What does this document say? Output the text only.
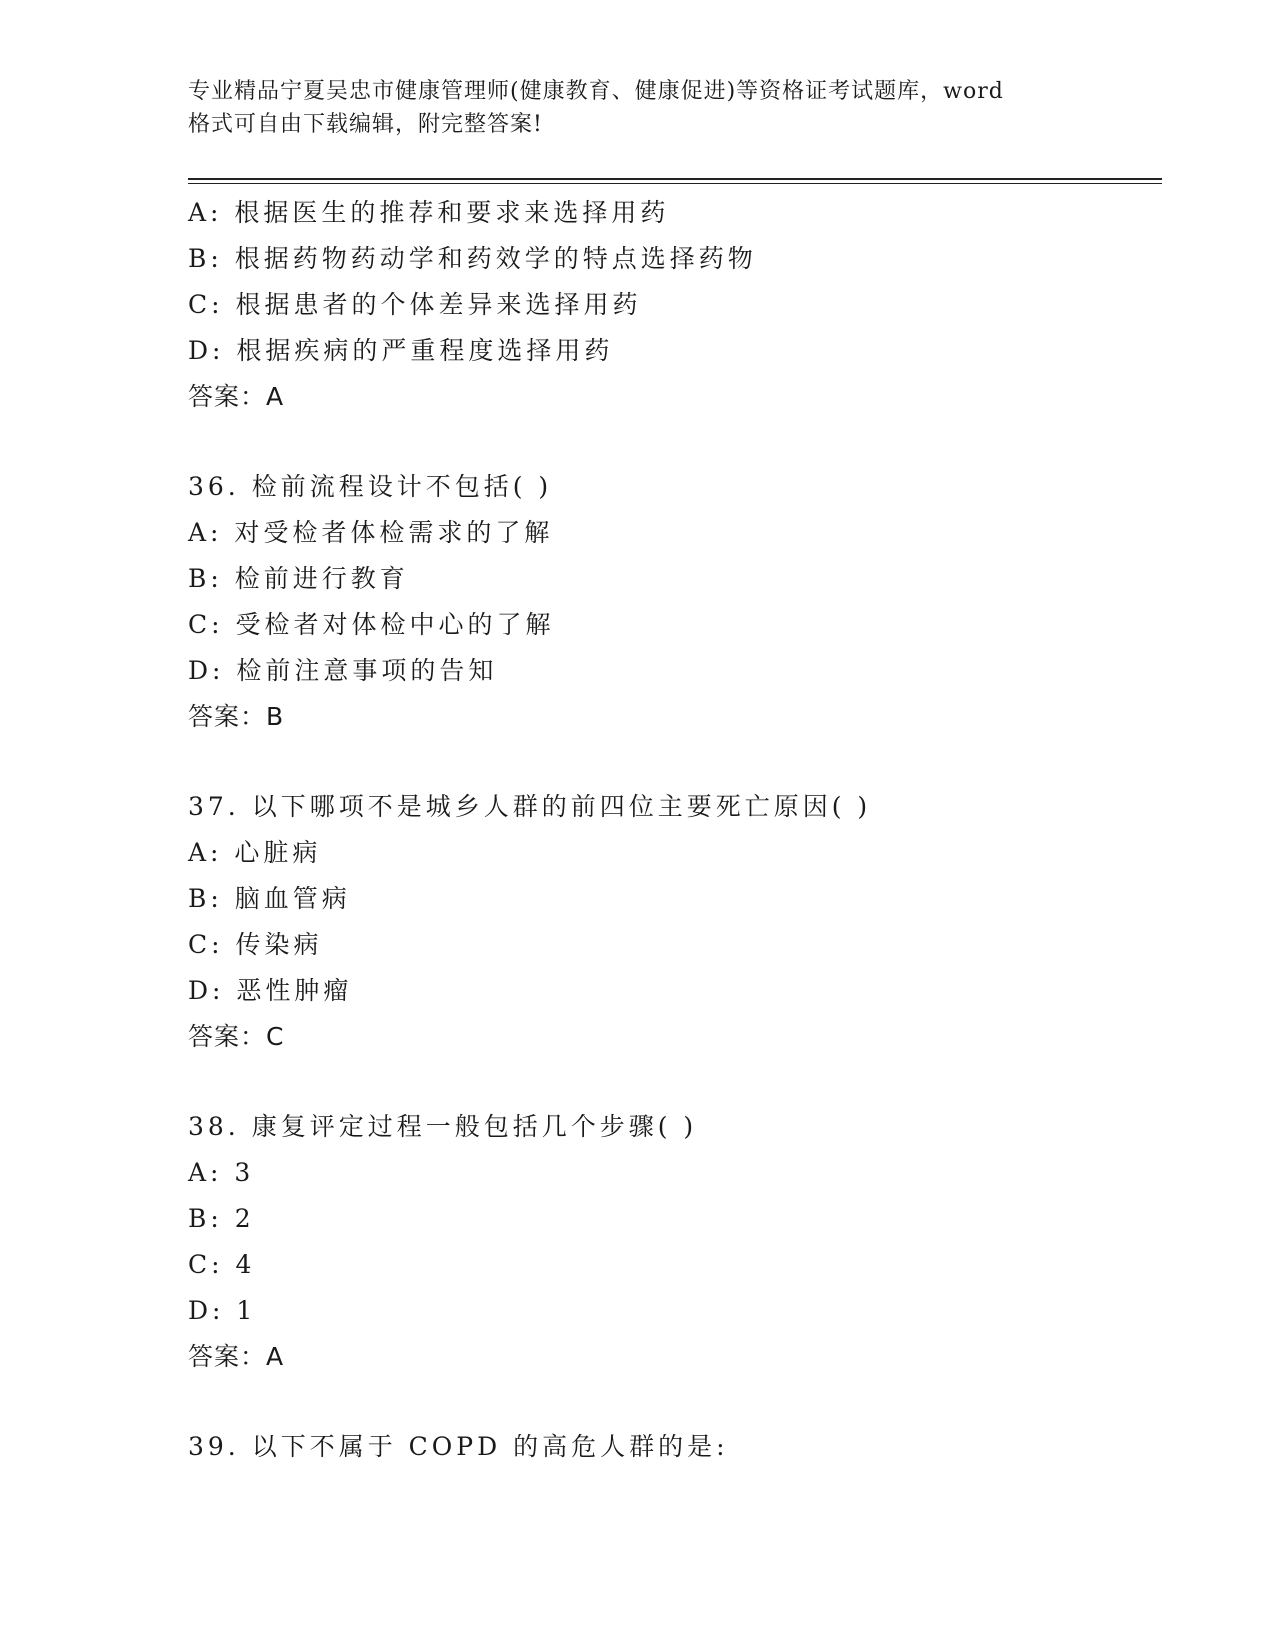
专业精品宁夏吴忠市健康管理师(健康教育、健康促进)等资格证考试题库，word
格式可自由下载编辑，附完整答案!
A: 根据医生的推荐和要求来选择用药
B: 根据药物药动学和药效学的特点选择药物
C: 根据患者的个体差异来选择用药
D: 根据疾病的严重程度选择用药
答案：A
36. 检前流程设计不包括( )
A: 对受检者体检需求的了解
B: 检前进行教育
C: 受检者对体检中心的了解
D: 检前注意事项的告知
答案：B
37. 以下哪项不是城乡人群的前四位主要死亡原因( )
A: 心脏病
B: 脑血管病
C: 传染病
D: 恶性肿瘤
答案：C
38. 康复评定过程一般包括几个步骤( )
A: 3
B: 2
C: 4
D: 1
答案：A
39. 以下不属于 COPD 的高危人群的是:
